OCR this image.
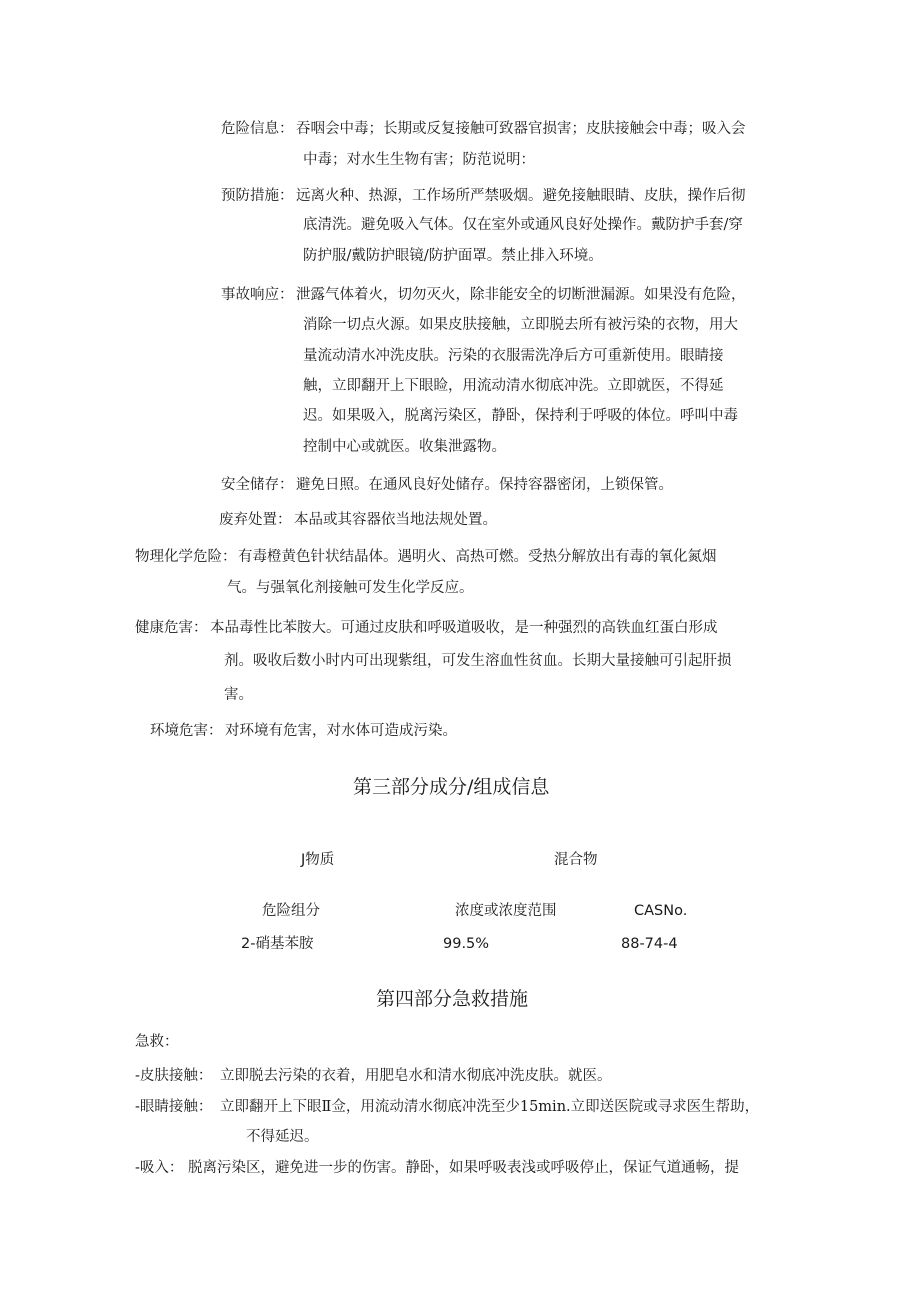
危险信息： 吞咽会中毒；长期或反复接触可致器官损害；皮肤接触会中毒；吸入会
中毒；对水生生物有害；防范说明：
预防措施： 远离火种、热源，工作场所严禁吸烟。避免接触眼睛、皮肤，操作后彻
底清洗。避免吸入气体。仅在室外或通风良好处操作。戴防护手套/穿
防护服/戴防护眼镜/防护面罩。禁止排入环境。
事故响应： 泄露气体着火，切勿灭火，除非能安全的切断泄漏源。如果没有危险，
消除一切点火源。如果皮肤接触，立即脱去所有被污染的衣物，用大
量流动清水冲洗皮肤。污染的衣服需洗净后方可重新使用。眼睛接
触，立即翻开上下眼睑，用流动清水彻底冲洗。立即就医，不得延
迟。如果吸入，脱离污染区，静卧，保持利于呼吸的体位。呼叫中毒
控制中心或就医。收集泄露物。
安全储存： 避免日照。在通风良好处储存。保持容器密闭，上锁保管。
废弃处置： 本品或其容器依当地法规处置。
物理化学危险： 有毒橙黄色针状结晶体。遇明火、高热可燃。受热分解放出有毒的氧化氮烟
气。与强氧化剂接触可发生化学反应。
健康危害： 本品毒性比苯胺大。可通过皮肤和呼吸道吸收，是一种强烈的高铁血红蛋白形成
剂。吸收后数小时内可出现紫组，可发生溶血性贫血。长期大量接触可引起肝损
害。
环境危害： 对环境有危害，对水体可造成污染。
第三部分成分/组成信息
J物质	混合物
危险组分	浓度或浓度范围	CASNo.
2-硝基苯胺	99.5%	88-74-4
第四部分急救措施
急救：
-皮肤接触： 立即脱去污染的衣着，用肥皂水和清水彻底冲洗皮肤。就医。
-眼睛接触： 立即翻开上下眼Ⅱ佥，用流动清水彻底冲洗至少15min.立即送医院或寻求医生帮助，
不得延迟。
-吸入： 脱离污染区，避免进一步的伤害。静卧，如果呼吸表浅或呼吸停止，保证气道通畅，提
